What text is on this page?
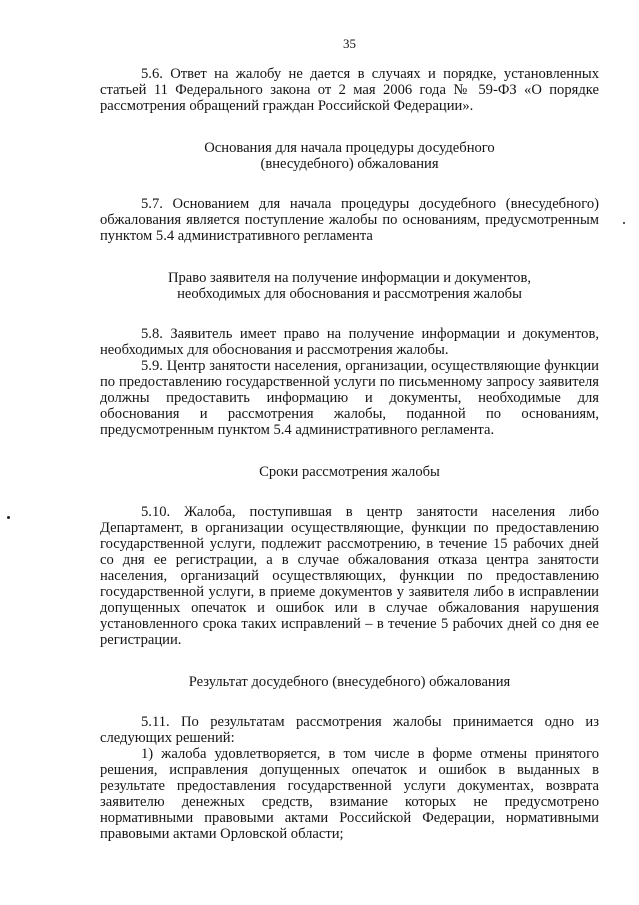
35

5.6. Ответ на жалобу не дается в случаях и порядке, установленных статьей 11 Федерального закона от 2 мая 2006 года № 59-ФЗ «О порядке рассмотрения обращений граждан Российской Федерации».

Основания для начала процедуры досудебного
(внесудебного) обжалования

5.7. Основанием для начала процедуры досудебного (внесудебного) обжалования является поступление жалобы по основаниям, предусмотренным пунктом 5.4 административного регламента

Право заявителя на получение информации и документов,
необходимых для обоснования и рассмотрения жалобы

5.8. Заявитель имеет право на получение информации и документов, необходимых для обоснования и рассмотрения жалобы.

5.9. Центр занятости населения, организации, осуществляющие функции по предоставлению государственной услуги по письменному запросу заявителя должны предоставить информацию и документы, необходимые для обоснования и рассмотрения жалобы, поданной по основаниям, предусмотренным пунктом 5.4 административного регламента.

Сроки рассмотрения жалобы

5.10. Жалоба, поступившая в центр занятости населения либо Департамент, в организации осуществляющие, функции по предоставлению государственной услуги, подлежит рассмотрению, в течение 15 рабочих дней со дня ее регистрации, а в случае обжалования отказа центра занятости населения, организаций осуществляющих, функции по предоставлению государственной услуги, в приеме документов у заявителя либо в исправлении допущенных опечаток и ошибок или в случае обжалования нарушения установленного срока таких исправлений – в течение 5 рабочих дней со дня ее регистрации.

Результат досудебного (внесудебного) обжалования

5.11. По результатам рассмотрения жалобы принимается одно из следующих решений:

1) жалоба удовлетворяется, в том числе в форме отмены принятого решения, исправления допущенных опечаток и ошибок в выданных в результате предоставления государственной услуги документах, возврата заявителю денежных средств, взимание которых не предусмотрено нормативными правовыми актами Российской Федерации, нормативными правовыми актами Орловской области;
